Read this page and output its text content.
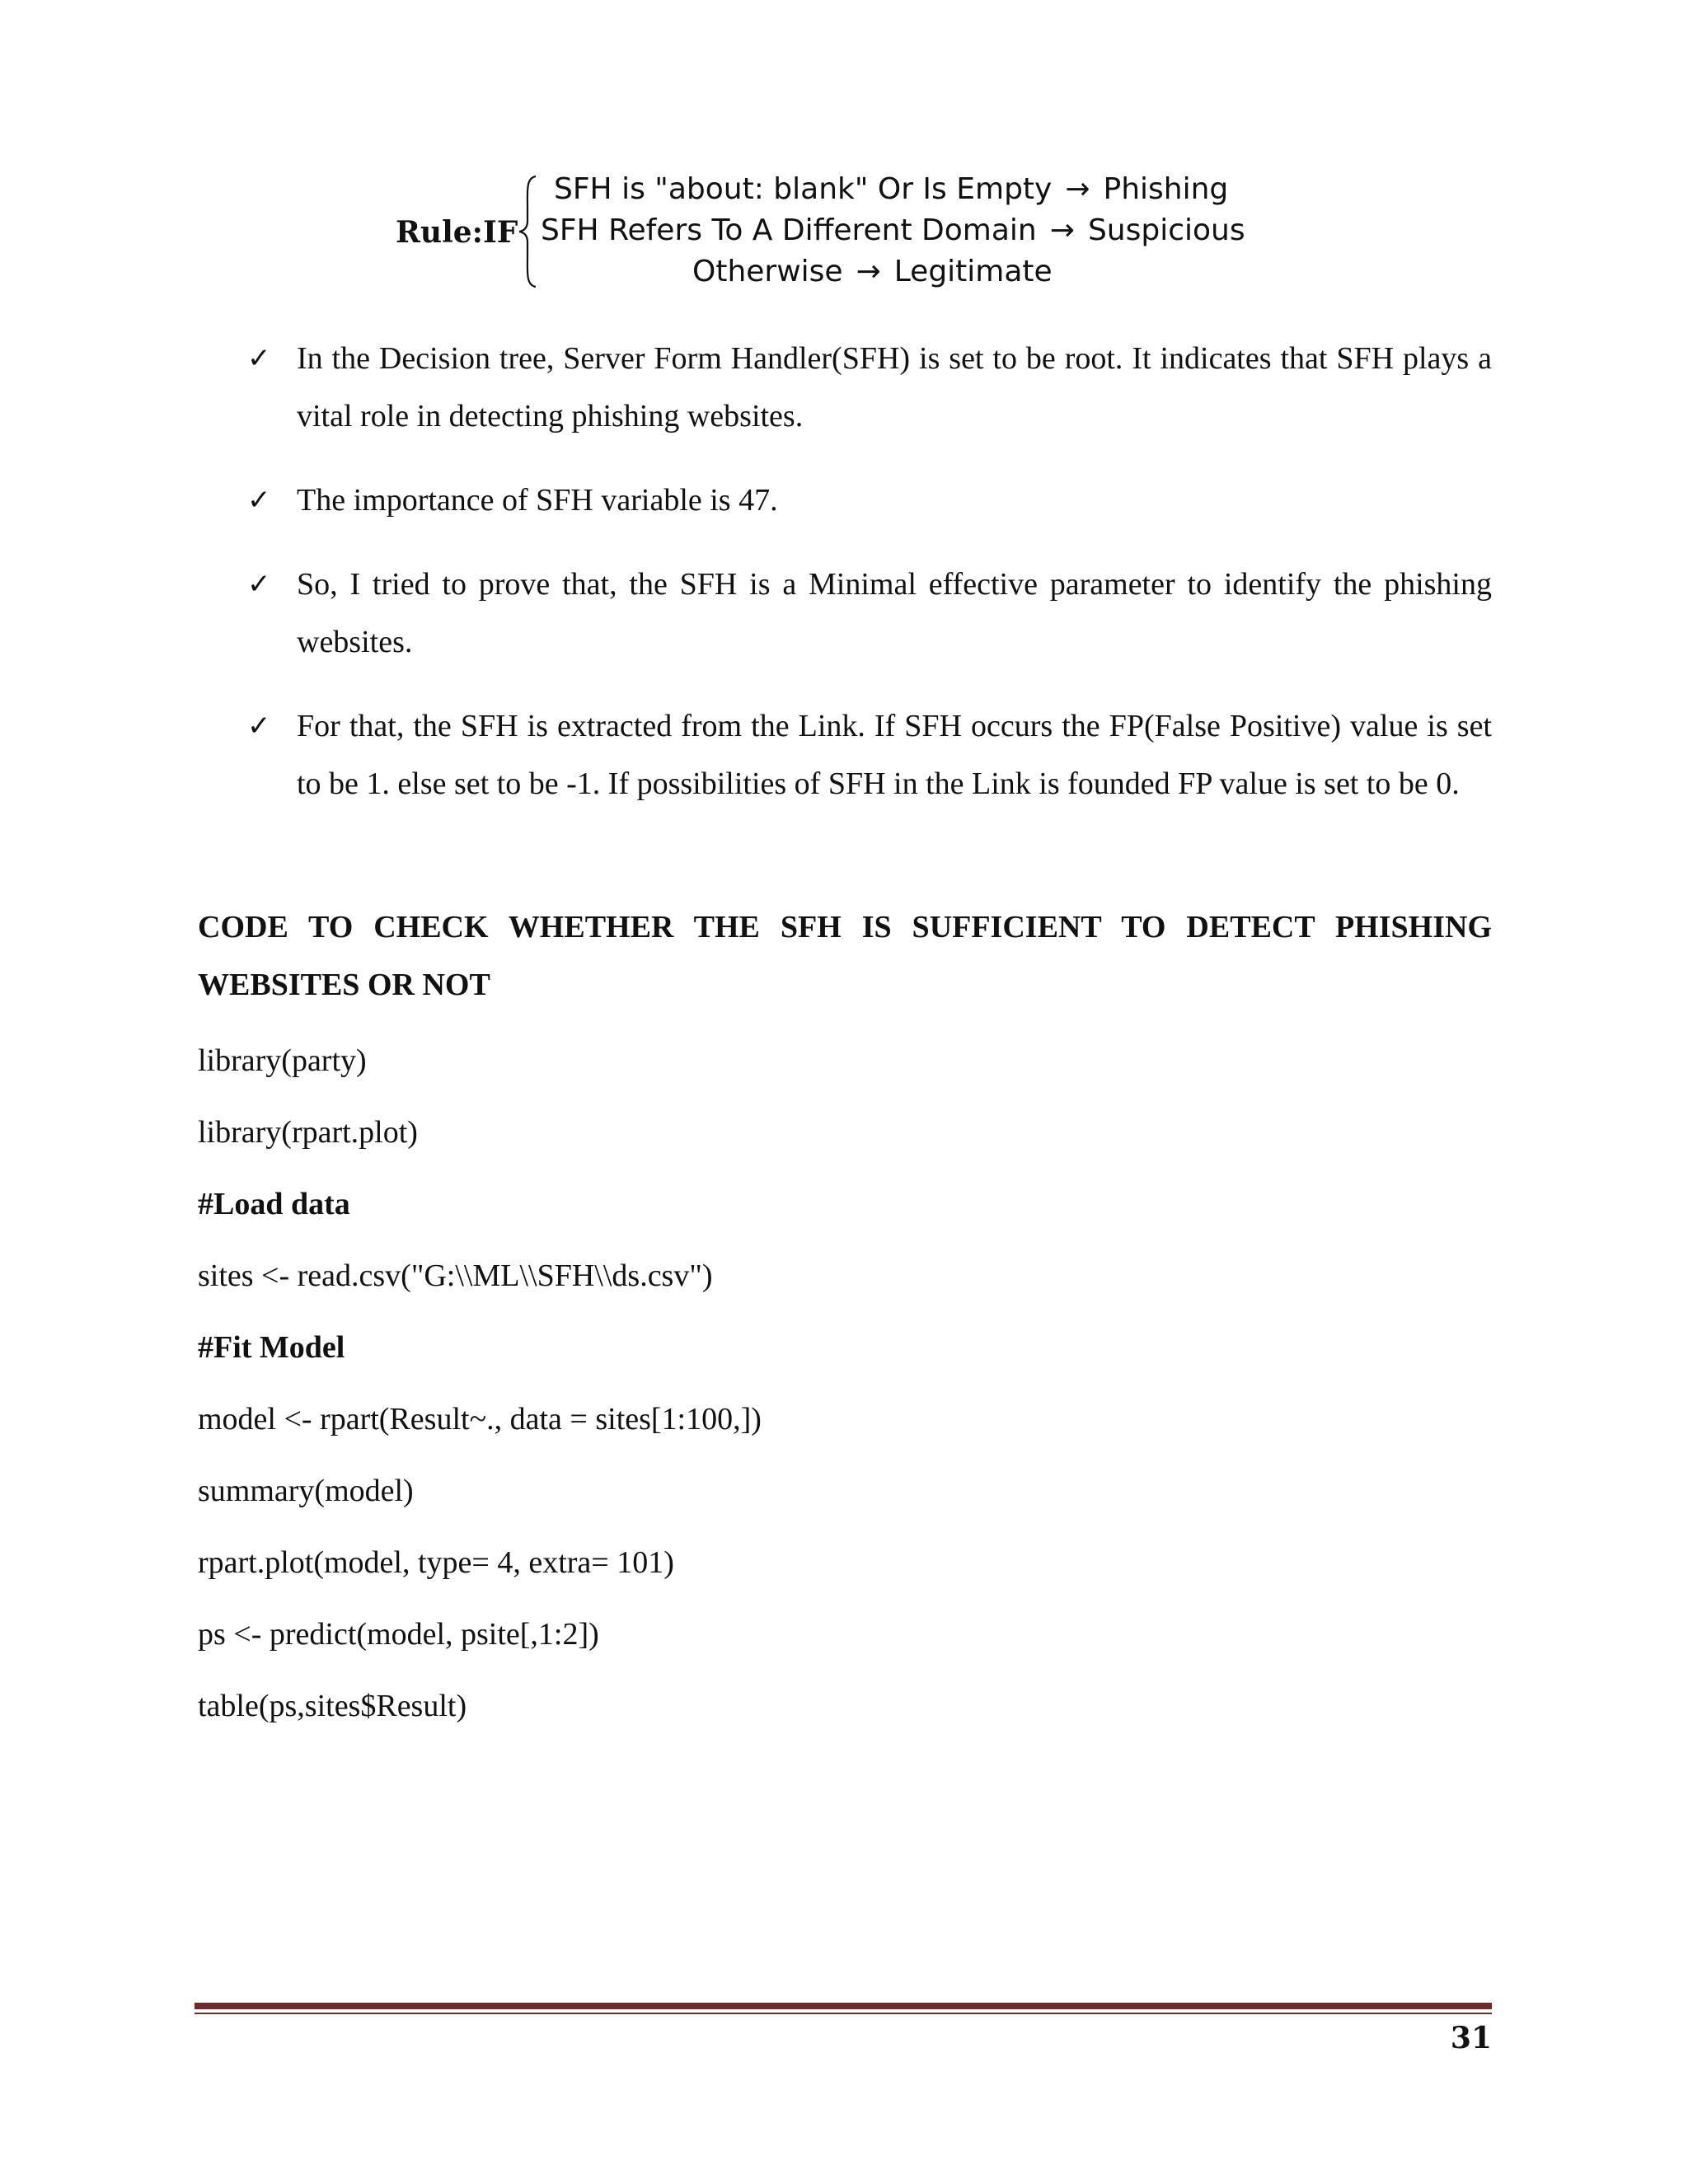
Rule:IF
SFH is "about: blank" Or Is Empty → Phishing
SFH Refers To A Different Domain → Suspicious
Otherwise → Legitimate
✓ In the Decision tree, Server Form Handler(SFH) is set to be root. It indicates that SFH plays a vital role in detecting phishing websites.
✓ The importance of SFH variable is 47.
✓ So, I tried to prove that, the SFH is a Minimal effective parameter to identify the phishing websites.
✓ For that, the SFH is extracted from the Link. If SFH occurs the FP(False Positive) value is set to be 1. else set to be -1. If possibilities of SFH in the Link is founded FP value is set to be 0.
CODE TO CHECK WHETHER THE SFH IS SUFFICIENT TO DETECT PHISHING WEBSITES OR NOT
library(party)
library(rpart.plot)
#Load data
sites <- read.csv("G:\\ML\\SFH\\ds.csv")
#Fit Model
model <- rpart(Result~., data = sites[1:100,])
summary(model)
rpart.plot(model, type= 4, extra= 101)
ps <- predict(model, psite[,1:2])
table(ps,sites$Result)
31
